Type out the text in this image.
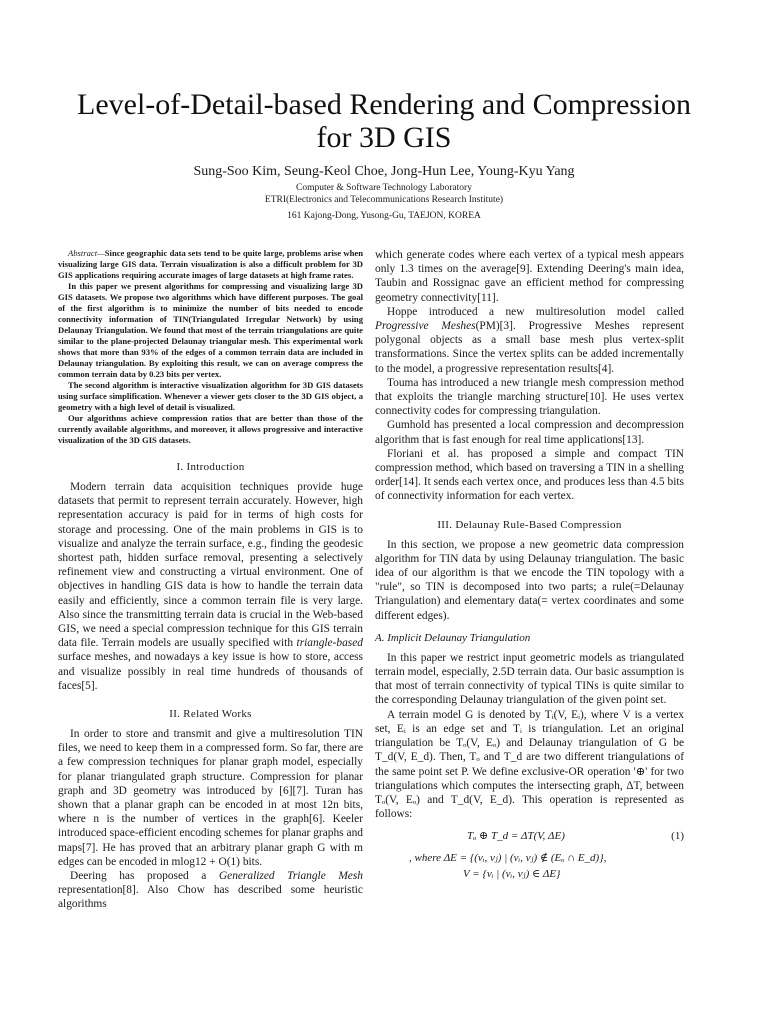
Level-of-Detail-based Rendering and Compression
for 3D GIS
Sung-Soo Kim, Seung-Keol Choe, Jong-Hun Lee, Young-Kyu Yang
Computer & Software Technology Laboratory
ETRI(Electronics and Telecommunications Research Institute)
161 Kajong-Dong, Yusong-Gu, TAEJON, KOREA

Abstract—Since geographic data sets tend to be quite large, problems arise when visualizing large GIS data. Terrain visualization is also a difficult problem for 3D GIS applications requiring accurate images of large datasets at high frame rates.

In this paper we present algorithms for compressing and visualizing large 3D GIS datasets. We propose two algorithms which have different purposes. The goal of the first algorithm is to minimize the number of bits needed to encode connectivity information of TIN(Triangulated Irregular Network) by using Delaunay Triangulation. We found that most of the terrain triangulations are quite similar to the plane-projected Delaunay triangular mesh. This experimental work shows that more than 93% of the edges of a common terrain data are included in Delaunay triangulation. By exploiting this result, we can on average compress the common terrain data by 0.23 bits per vertex.

The second algorithm is interactive visualization algorithm for 3D GIS datasets using surface simplification. Whenever a viewer gets closer to the 3D GIS object, a geometry with a high level of detail is visualized.

Our algorithms achieve compression ratios that are better than those of the currently available algorithms, and moreover, it allows progressive and interactive visualization of the 3D GIS datasets.

I. Introduction

Modern terrain data acquisition techniques provide huge datasets that permit to represent terrain accurately. However, high representation accuracy is paid for in terms of high costs for storage and processing. One of the main problems in GIS is to visualize and analyze the terrain surface, e.g., finding the geodesic shortest path, hidden surface removal, presenting a selectively refinement view and constructing a virtual environment. One of objectives in handling GIS data is how to handle the terrain data easily and efficiently, since a common terrain file is very large. Also since the transmitting terrain data is crucial in the Web-based GIS, we need a special compression technique for this GIS terrain data file. Terrain models are usually specified with triangle-based surface meshes, and nowadays a key issue is how to store, access and visualize possibly in real time hundreds of thousands of faces[5].

II. Related Works

In order to store and transmit and give a multiresolution TIN files, we need to keep them in a compressed form. So far, there are a few compression techniques for planar graph model, especially for planar triangulated graph structure. Compression for planar graph and 3D geometry was introduced by [6][7]. Turan has shown that a planar graph can be encoded in at most 12n bits, where n is the number of vertices in the graph[6]. Keeler introduced space-efficient encoding schemes for planar graphs and maps[7]. He has proved that an arbitrary planar graph G with m edges can be encoded in mlog12 + O(1) bits.

Deering has proposed a Generalized Triangle Mesh representation[8]. Also Chow has described some heuristic algorithms

which generate codes where each vertex of a typical mesh appears only 1.3 times on the average[9]. Extending Deering's main idea, Taubin and Rossignac gave an efficient method for compressing geometry connectivity[11].

Hoppe introduced a new multiresolution model called Progressive Meshes(PM)[3]. Progressive Meshes represent polygonal objects as a small base mesh plus vertex-split transformations. Since the vertex splits can be added incrementally to the model, a progressive representation results[4].

Touma has introduced a new triangle mesh compression method that exploits the triangle marching structure[10]. He uses vertex connectivity codes for compressing triangulation.

Gumhold has presented a local compression and decompression algorithm that is fast enough for real time applications[13].

Floriani et al. has proposed a simple and compact TIN compression method, which based on traversing a TIN in a shelling order[14]. It sends each vertex once, and produces less than 4.5 bits of connectivity information for each vertex.

III. Delaunay Rule-Based Compression

In this section, we propose a new geometric data compression algorithm for TIN data by using Delaunay triangulation. The basic idea of our algorithm is that we encode the TIN topology with a "rule", so TIN is decomposed into two parts; a rule(=Delaunay Triangulation) and elementary data(= vertex coordinates and some different edges).

A. Implicit Delaunay Triangulation

In this paper we restrict input geometric models as triangulated terrain model, especially, 2.5D terrain data. Our basic assumption is that most of terrain connectivity of typical TINs is quite similar to the corresponding Delaunay triangulation of the given point set.

A terrain model G is denoted by Tᵢ(V, Eᵢ), where V is a vertex set, Eᵢ is an edge set and Tᵢ is triangulation. Let an original triangulation be Tₒ(V, Eₒ) and Delaunay triangulation of G be T_d(V, E_d). Then, Tₒ and T_d are two different triangulations of the same point set P. We define exclusive-OR operation '⊕' for two triangulations which computes the intersecting graph, ΔT, between Tₒ(V, Eₒ) and T_d(V, E_d). This operation is represented as follows:

Tₒ ⊕ T_d = ΔT(V, ΔE)	(1)
, where ΔE = {(vᵢ, vⱼ) | (vᵢ, vⱼ) ∉ (Eₒ ∩ E_d)},
V = {vᵢ | (vᵢ, vⱼ) ∈ ΔE}
